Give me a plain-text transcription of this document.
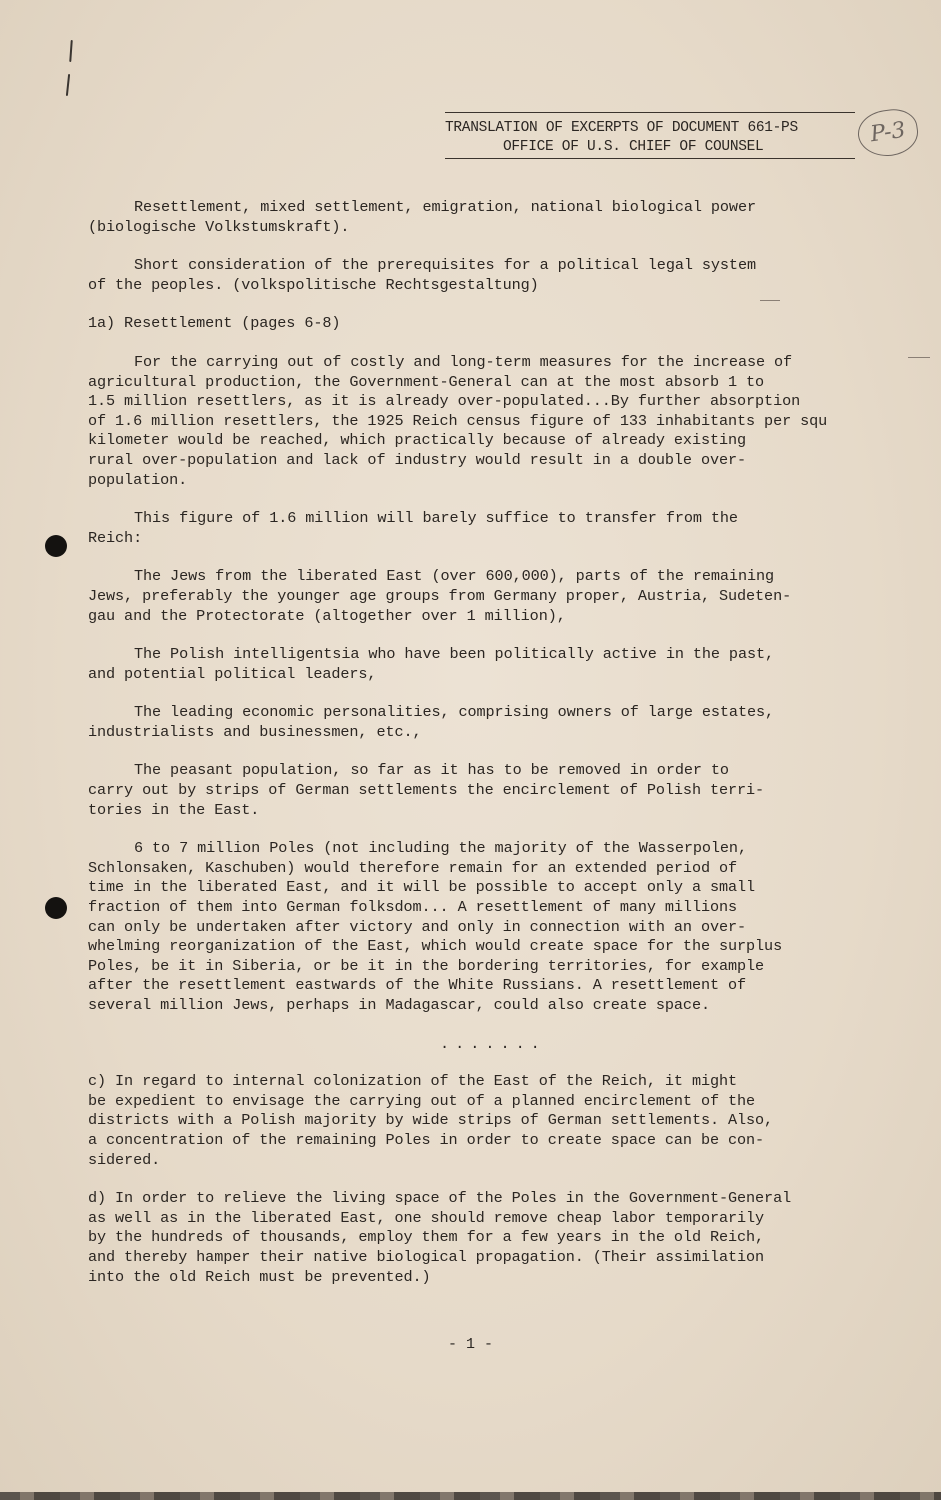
TRANSLATION OF EXCERPTS OF DOCUMENT 661-PS
OFFICE OF U.S. CHIEF OF COUNSEL	P-3

Resettlement, mixed settlement, emigration, national biological power
(biologische Volkstumskraft).

Short consideration of the prerequisites for a political legal system
of the peoples. (volkspolitische Rechtsgestaltung)

1a) Resettlement (pages 6-8)

For the carrying out of costly and long-term measures for the increase of
agricultural production, the Government-General can at the most absorb 1 to
1.5 million resettlers, as it is already over-populated...By further absorption
of 1.6 million resettlers, the 1925 Reich census figure of 133 inhabitants per squ
kilometer would be reached, which practically because of already existing
rural over-population and lack of industry would result in a double over-
population.

This figure of 1.6 million will barely suffice to transfer from the
Reich:

The Jews from the liberated East (over 600,000), parts of the remaining
Jews, preferably the younger age groups from Germany proper, Austria, Sudeten-
gau and the Protectorate (altogether over 1 million),

The Polish intelligentsia who have been politically active in the past,
and potential political leaders,

The leading economic personalities, comprising owners of large estates,
industrialists and businessmen, etc.,

The peasant population, so far as it has to be removed in order to
carry out by strips of German settlements the encirclement of Polish terri-
tories in the East.

6 to 7 million Poles (not including the majority of the Wasserpolen,
Schlonsaken, Kaschuben) would therefore remain for an extended period of
time in the liberated East, and it will be possible to accept only a small
fraction of them into German folksdom... A resettlement of many millions
can only be undertaken after victory and only in connection with an over-
whelming reorganization of the East, which would create space for the surplus
Poles, be it in Siberia, or be it in the bordering territories, for example
after the resettlement eastwards of the White Russians. A resettlement of
several million Jews, perhaps in Madagascar, could also create space.

.......

c) In regard to internal colonization of the East of the Reich, it might
be expedient to envisage the carrying out of a planned encirclement of the
districts with a Polish majority by wide strips of German settlements. Also,
a concentration of the remaining Poles in order to create space can be con-
sidered.

d) In order to relieve the living space of the Poles in the Government-General
as well as in the liberated East, one should remove cheap labor temporarily
by the hundreds of thousands, employ them for a few years in the old Reich,
and thereby hamper their native biological propagation. (Their assimilation
into the old Reich must be prevented.)

- 1 -
